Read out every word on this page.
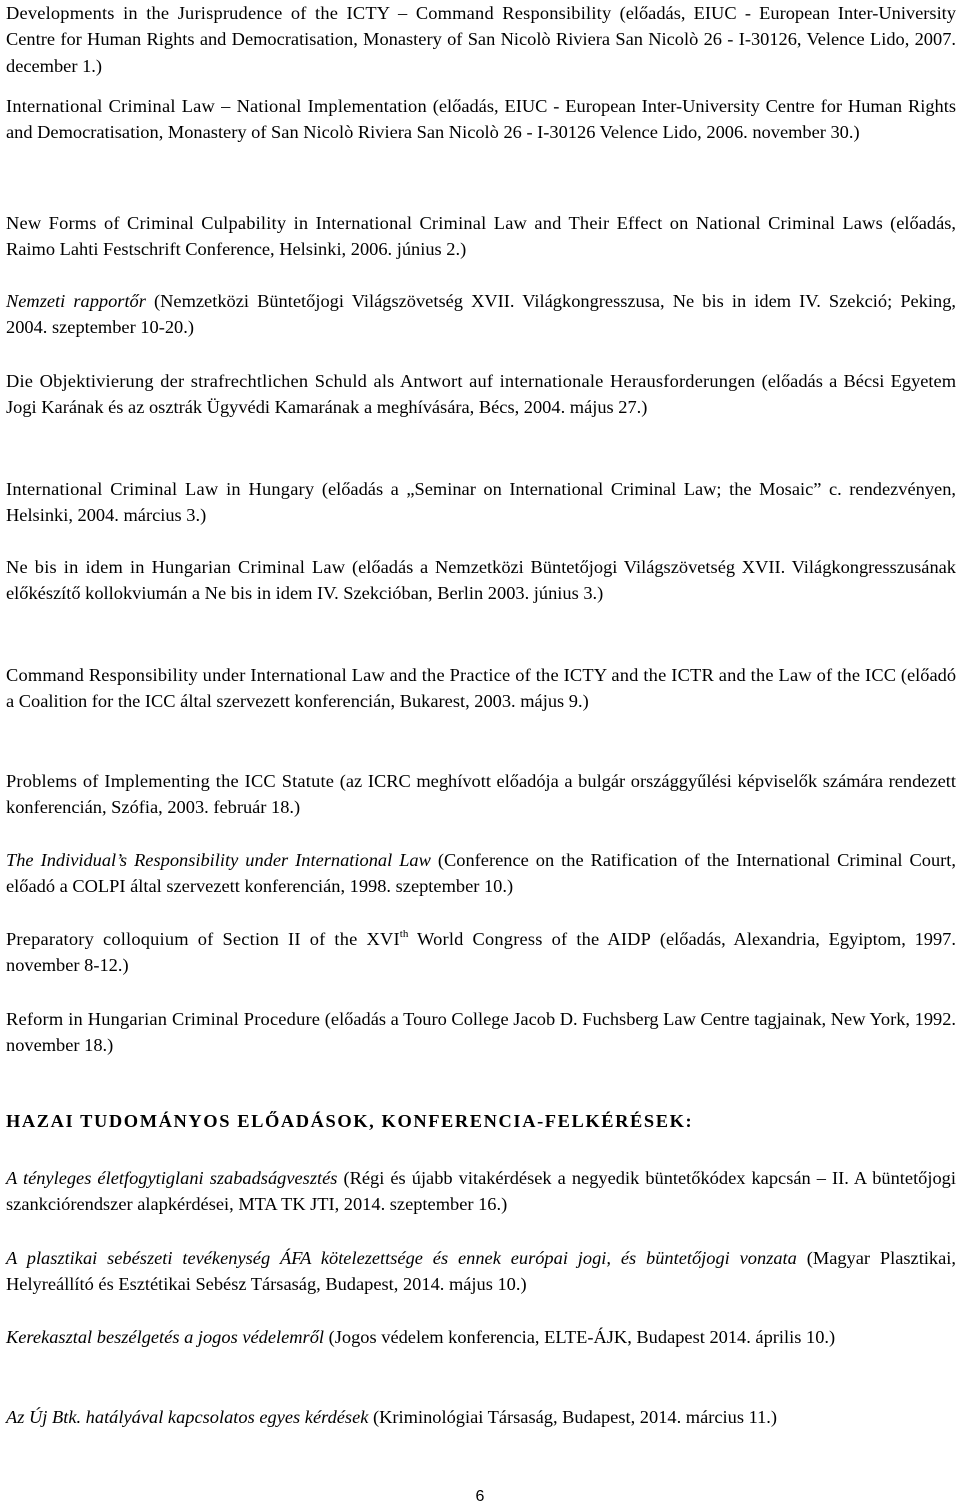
Developments in the Jurisprudence of the ICTY – Command Responsibility (előadás, EIUC - European Inter-University Centre for Human Rights and Democratisation, Monastery of San Nicolò Riviera San Nicolò 26 - I-30126, Velence Lido, 2007. december 1.)

International Criminal Law – National Implementation (előadás, EIUC - European Inter-University Centre for Human Rights and Democratisation, Monastery of San Nicolò Riviera San Nicolò 26 - I-30126 Velence Lido, 2006. november 30.)

New Forms of Criminal Culpability in International Criminal Law and Their Effect on National Criminal Laws (előadás, Raimo Lahti Festschrift Conference, Helsinki, 2006. június 2.)

Nemzeti rapportőr (Nemzetközi Büntetőjogi Világszövetség XVII. Világkongresszusa, Ne bis in idem IV. Szekció; Peking, 2004. szeptember 10-20.)

Die Objektivierung der strafrechtlichen Schuld als Antwort auf internationale Herausforderungen (előadás a Bécsi Egyetem Jogi Karának és az osztrák Ügyvédi Kamarának a meghívására, Bécs, 2004. május 27.)

International Criminal Law in Hungary (előadás a „Seminar on International Criminal Law; the Mosaic” c. rendezvényen, Helsinki, 2004. március 3.)

Ne bis in idem in Hungarian Criminal Law (előadás a Nemzetközi Büntetőjogi Világszövetség XVII. Világkongresszusának előkészítő kollokviumán a Ne bis in idem IV. Szekcióban, Berlin 2003. június 3.)

Command Responsibility under International Law and the Practice of the ICTY and the ICTR and the Law of the ICC (előadó a Coalition for the ICC által szervezett konferencián, Bukarest, 2003. május 9.)

Problems of Implementing the ICC Statute (az ICRC meghívott előadója a bulgár országgyűlési képviselők számára rendezett konferencián, Szófia, 2003. február 18.)

The Individual’s Responsibility under International Law (Conference on the Ratification of the International Criminal Court, előadó a COLPI által szervezett konferencián, 1998. szeptember 10.)

Preparatory colloquium of Section II of the XVIth World Congress of the AIDP (előadás, Alexandria, Egyiptom, 1997. november 8-12.)

Reform in Hungarian Criminal Procedure (előadás a Touro College Jacob D. Fuchsberg Law Centre tagjainak, New York, 1992. november 18.)

HAZAI TUDOMÁNYOS ELŐADÁSOK, KONFERENCIA-FELKÉRÉSEK:

A tényleges életfogytiglani szabadságvesztés (Régi és újabb vitakérdések a negyedik büntetőkódex kapcsán – II. A büntetőjogi szankciórendszer alapkérdései, MTA TK JTI, 2014. szeptember 16.)

A plasztikai sebészeti tevékenység ÁFA kötelezettsége és ennek európai jogi, és büntetőjogi vonzata (Magyar Plasztikai, Helyreállító és Esztétikai Sebész Társaság, Budapest, 2014. május 10.)

Kerekasztal beszélgetés a jogos védelemről (Jogos védelem konferencia, ELTE-ÁJK, Budapest 2014. április 10.)

Az Új Btk. hatályával kapcsolatos egyes kérdések (Kriminológiai Társaság, Budapest, 2014. március 11.)

6
